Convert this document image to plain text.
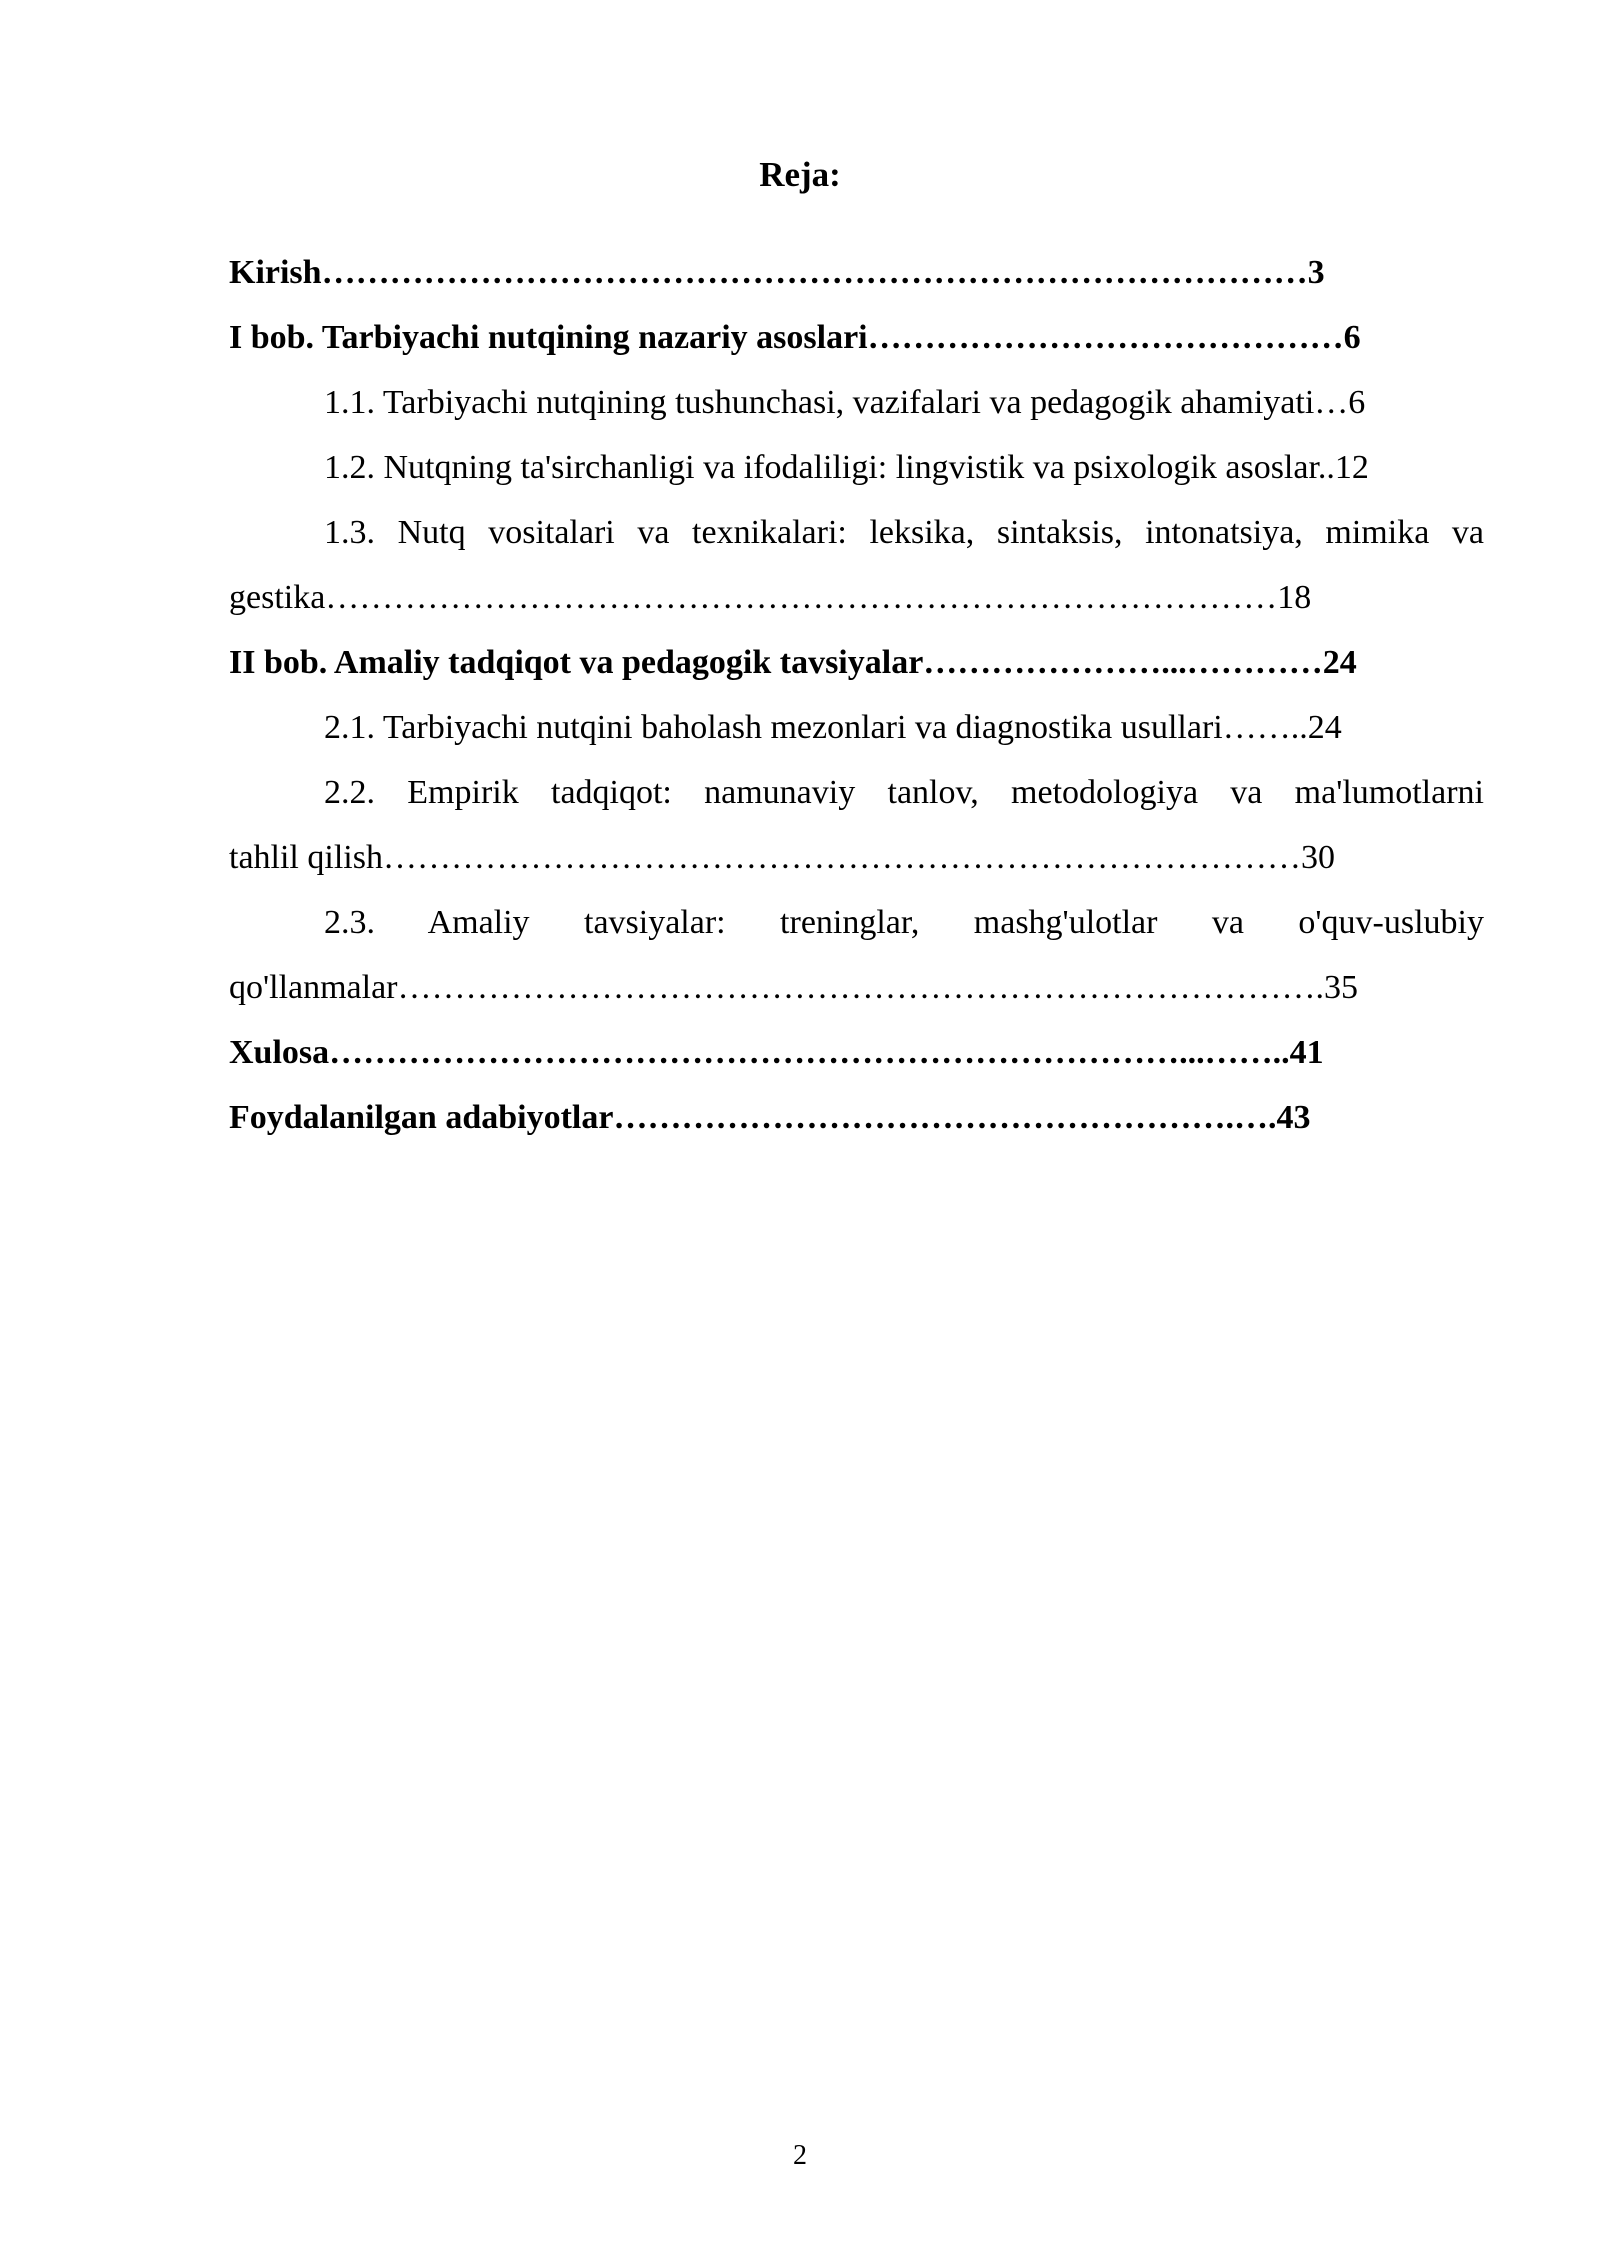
Reja:
Kirish……………………………………………………………………………3
I bob. Tarbiyachi nutqining nazariy asoslari……………………………………6
1.1. Tarbiyachi nutqining tushunchasi, vazifalari va pedagogik ahamiyati…6
1.2. Nutqning ta'sirchanligi va ifodaliligi: lingvistik va psixologik asoslar..12
1.3. Nutq vositalari va texnikalari: leksika, sintaksis, intonatsiya, mimika va
gestika…………………………………………………………………………18
II bob. Amaliy tadqiqot va pedagogik tavsiyalar…………………...…………24
2.1. Tarbiyachi nutqini baholash mezonlari va diagnostika usullari……..24
2.2. Empirik tadqiqot: namunaviy tanlov, metodologiya va ma'lumotlarni
tahlil qilish………………………………………………………………………30
2.3. Amaliy tavsiyalar: treninglar, mashg'ulotlar va o'quv-uslubiy
qo'llanmalar……………………………………………………………………….35
Xulosa…………………………………………………………………...……..41
Foydalanilgan adabiyotlar……………………………………………….….43
2
